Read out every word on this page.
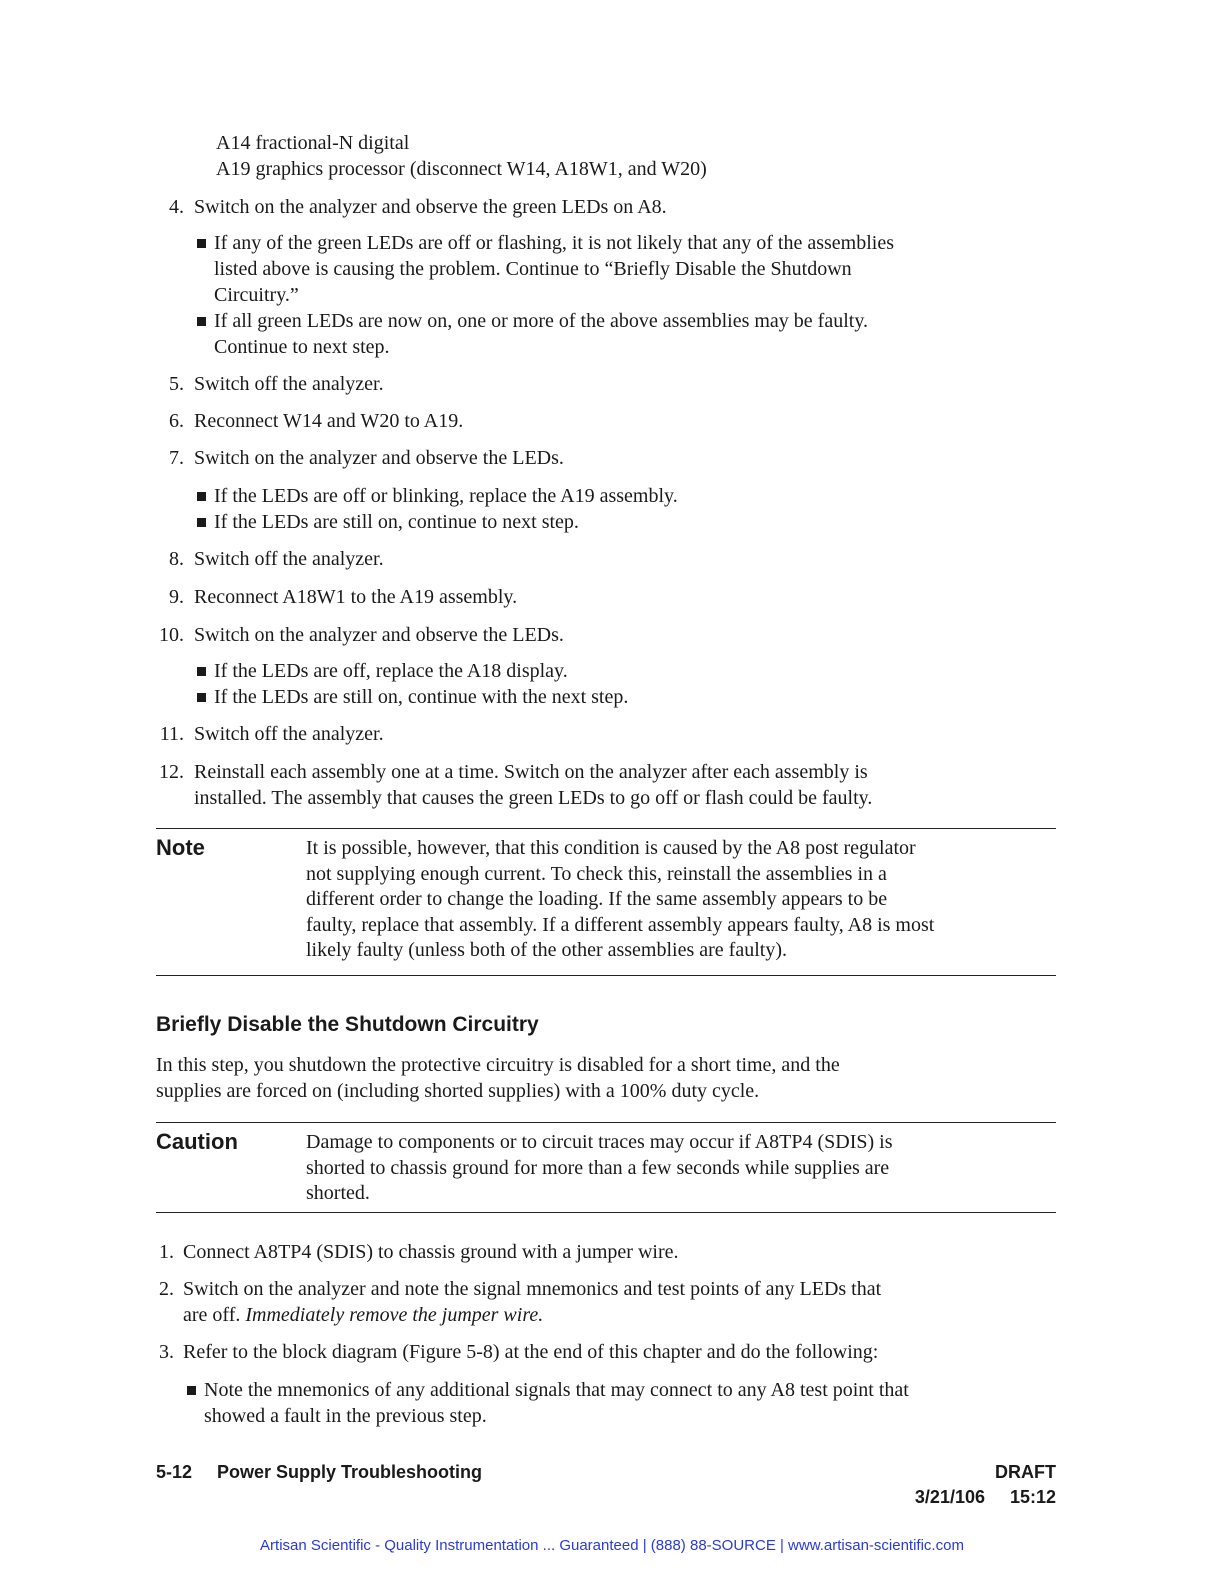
A14 fractional-N digital
A19 graphics processor (disconnect W14, A18W1, and W20)
4. Switch on the analyzer and observe the green LEDs on A8.
If any of the green LEDs are off or flashing, it is not likely that any of the assemblies
listed above is causing the problem. Continue to “Briefly Disable the Shutdown
Circuitry.”
If all green LEDs are now on, one or more of the above assemblies may be faulty.
Continue to next step.
5. Switch off the analyzer.
6. Reconnect W14 and W20 to A19.
7. Switch on the analyzer and observe the LEDs.
If the LEDs are off or blinking, replace the A19 assembly.
If the LEDs are still on, continue to next step.
8. Switch off the analyzer.
9. Reconnect A18W1 to the A19 assembly.
10. Switch on the analyzer and observe the LEDs.
If the LEDs are off, replace the A18 display.
If the LEDs are still on, continue with the next step.
11. Switch off the analyzer.
12. Reinstall each assembly one at a time. Switch on the analyzer after each assembly is
installed. The assembly that causes the green LEDs to go off or flash could be faulty.
Note	It is possible, however, that this condition is caused by the A8 post regulator
not supplying enough current. To check this, reinstall the assemblies in a
different order to change the loading. If the same assembly appears to be
faulty, replace that assembly. If a different assembly appears faulty, A8 is most
likely faulty (unless both of the other assemblies are faulty).
Briefly Disable the Shutdown Circuitry
In this step, you shutdown the protective circuitry is disabled for a short time, and the
supplies are forced on (including shorted supplies) with a 100% duty cycle.
Caution	Damage to components or to circuit traces may occur if A8TP4 (SDIS) is
shorted to chassis ground for more than a few seconds while supplies are
shorted.
1. Connect A8TP4 (SDIS) to chassis ground with a jumper wire.
2. Switch on the analyzer and note the signal mnemonics and test points of any LEDs that
are off. Immediately remove the jumper wire.
3. Refer to the block diagram (Figure 5-8) at the end of this chapter and do the following:
Note the mnemonics of any additional signals that may connect to any A8 test point that
showed a fault in the previous step.
5-12 Power Supply Troubleshooting	DRAFT
3/21/106 15:12
Artisan Scientific - Quality Instrumentation ... Guaranteed | (888) 88-SOURCE | www.artisan-scientific.com
